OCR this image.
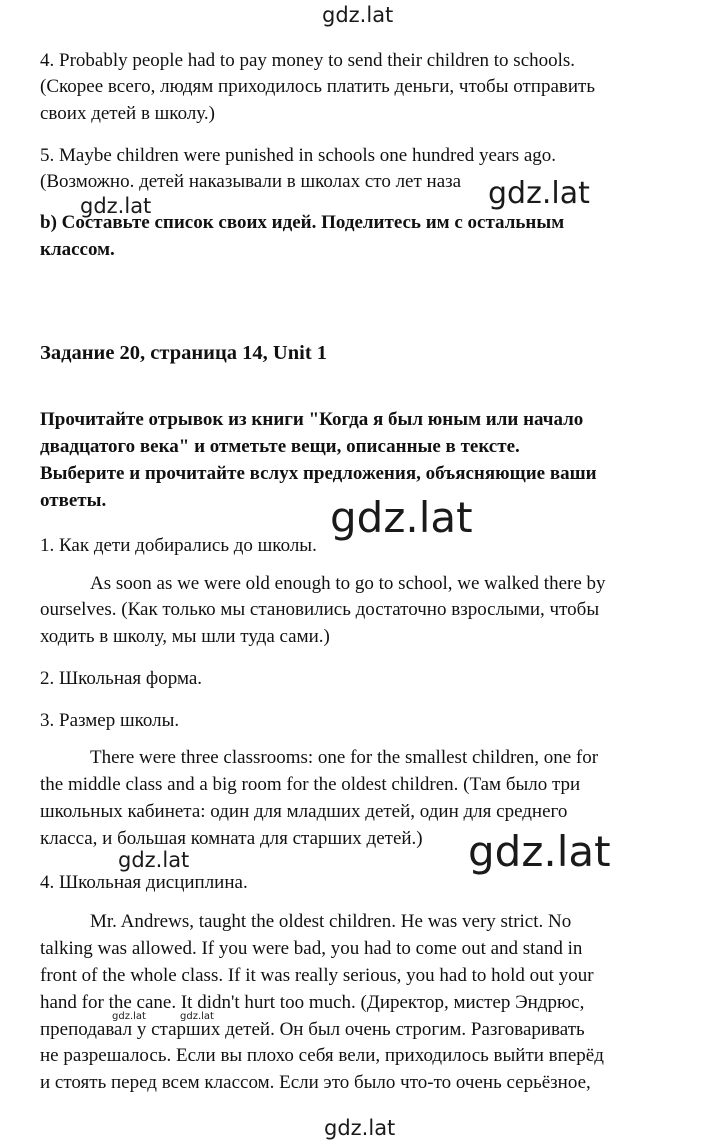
gdz.lat
4. Probably people had to pay money to send their children to schools.
(Скорее всего, людям приходилось платить деньги, чтобы отправить
своих детей в школу.)
5. Maybe children were punished in schools one hundred years ago.
(Возможно. детей наказывали в школах сто лет наза
b) Составьте список своих идей. Поделитесь им с остальным
классом.
gdz.lat	gdz.lat
Задание 20, страница 14, Unit 1
Прочитайте отрывок из книги "Когда я был юным или начало
двадцатого века" и отметьте вещи, описанные в тексте.
Выберите и прочитайте вслух предложения, объясняющие ваши
ответы.	gdz.lat
1. Как дети добирались до школы.
As soon as we were old enough to go to school, we walked there by
ourselves. (Как только мы становились достаточно взрослыми, чтобы
ходить в школу, мы шли туда сами.)
2. Школьная форма.
3. Размер школы.
There were three classrooms: one for the smallest children, one for
the middle class and a big room for the oldest children. (Там было три
школьных кабинета: один для младших детей, один для среднего
класса, и большая комната для старших детей.)
gdz.lat	gdz.lat
4. Школьная дисциплина.
Mr. Andrews, taught the oldest children. He was very strict. No
talking was allowed. If you were bad, you had to come out and stand in
front of the whole class. If it was really serious, you had to hold out your
hand for the cane. It didn't hurt too much. (Директор, мистер Эндрюс,
преподавал у старших детей. Он был очень строгим. Разговаривать
не разрешалось. Если вы плохо себя вели, приходилось выйти вперёд
и стоять перед всем классом. Если это было что-то очень серьёзное,
gdz.lat	gdz.lat
gdz.lat
